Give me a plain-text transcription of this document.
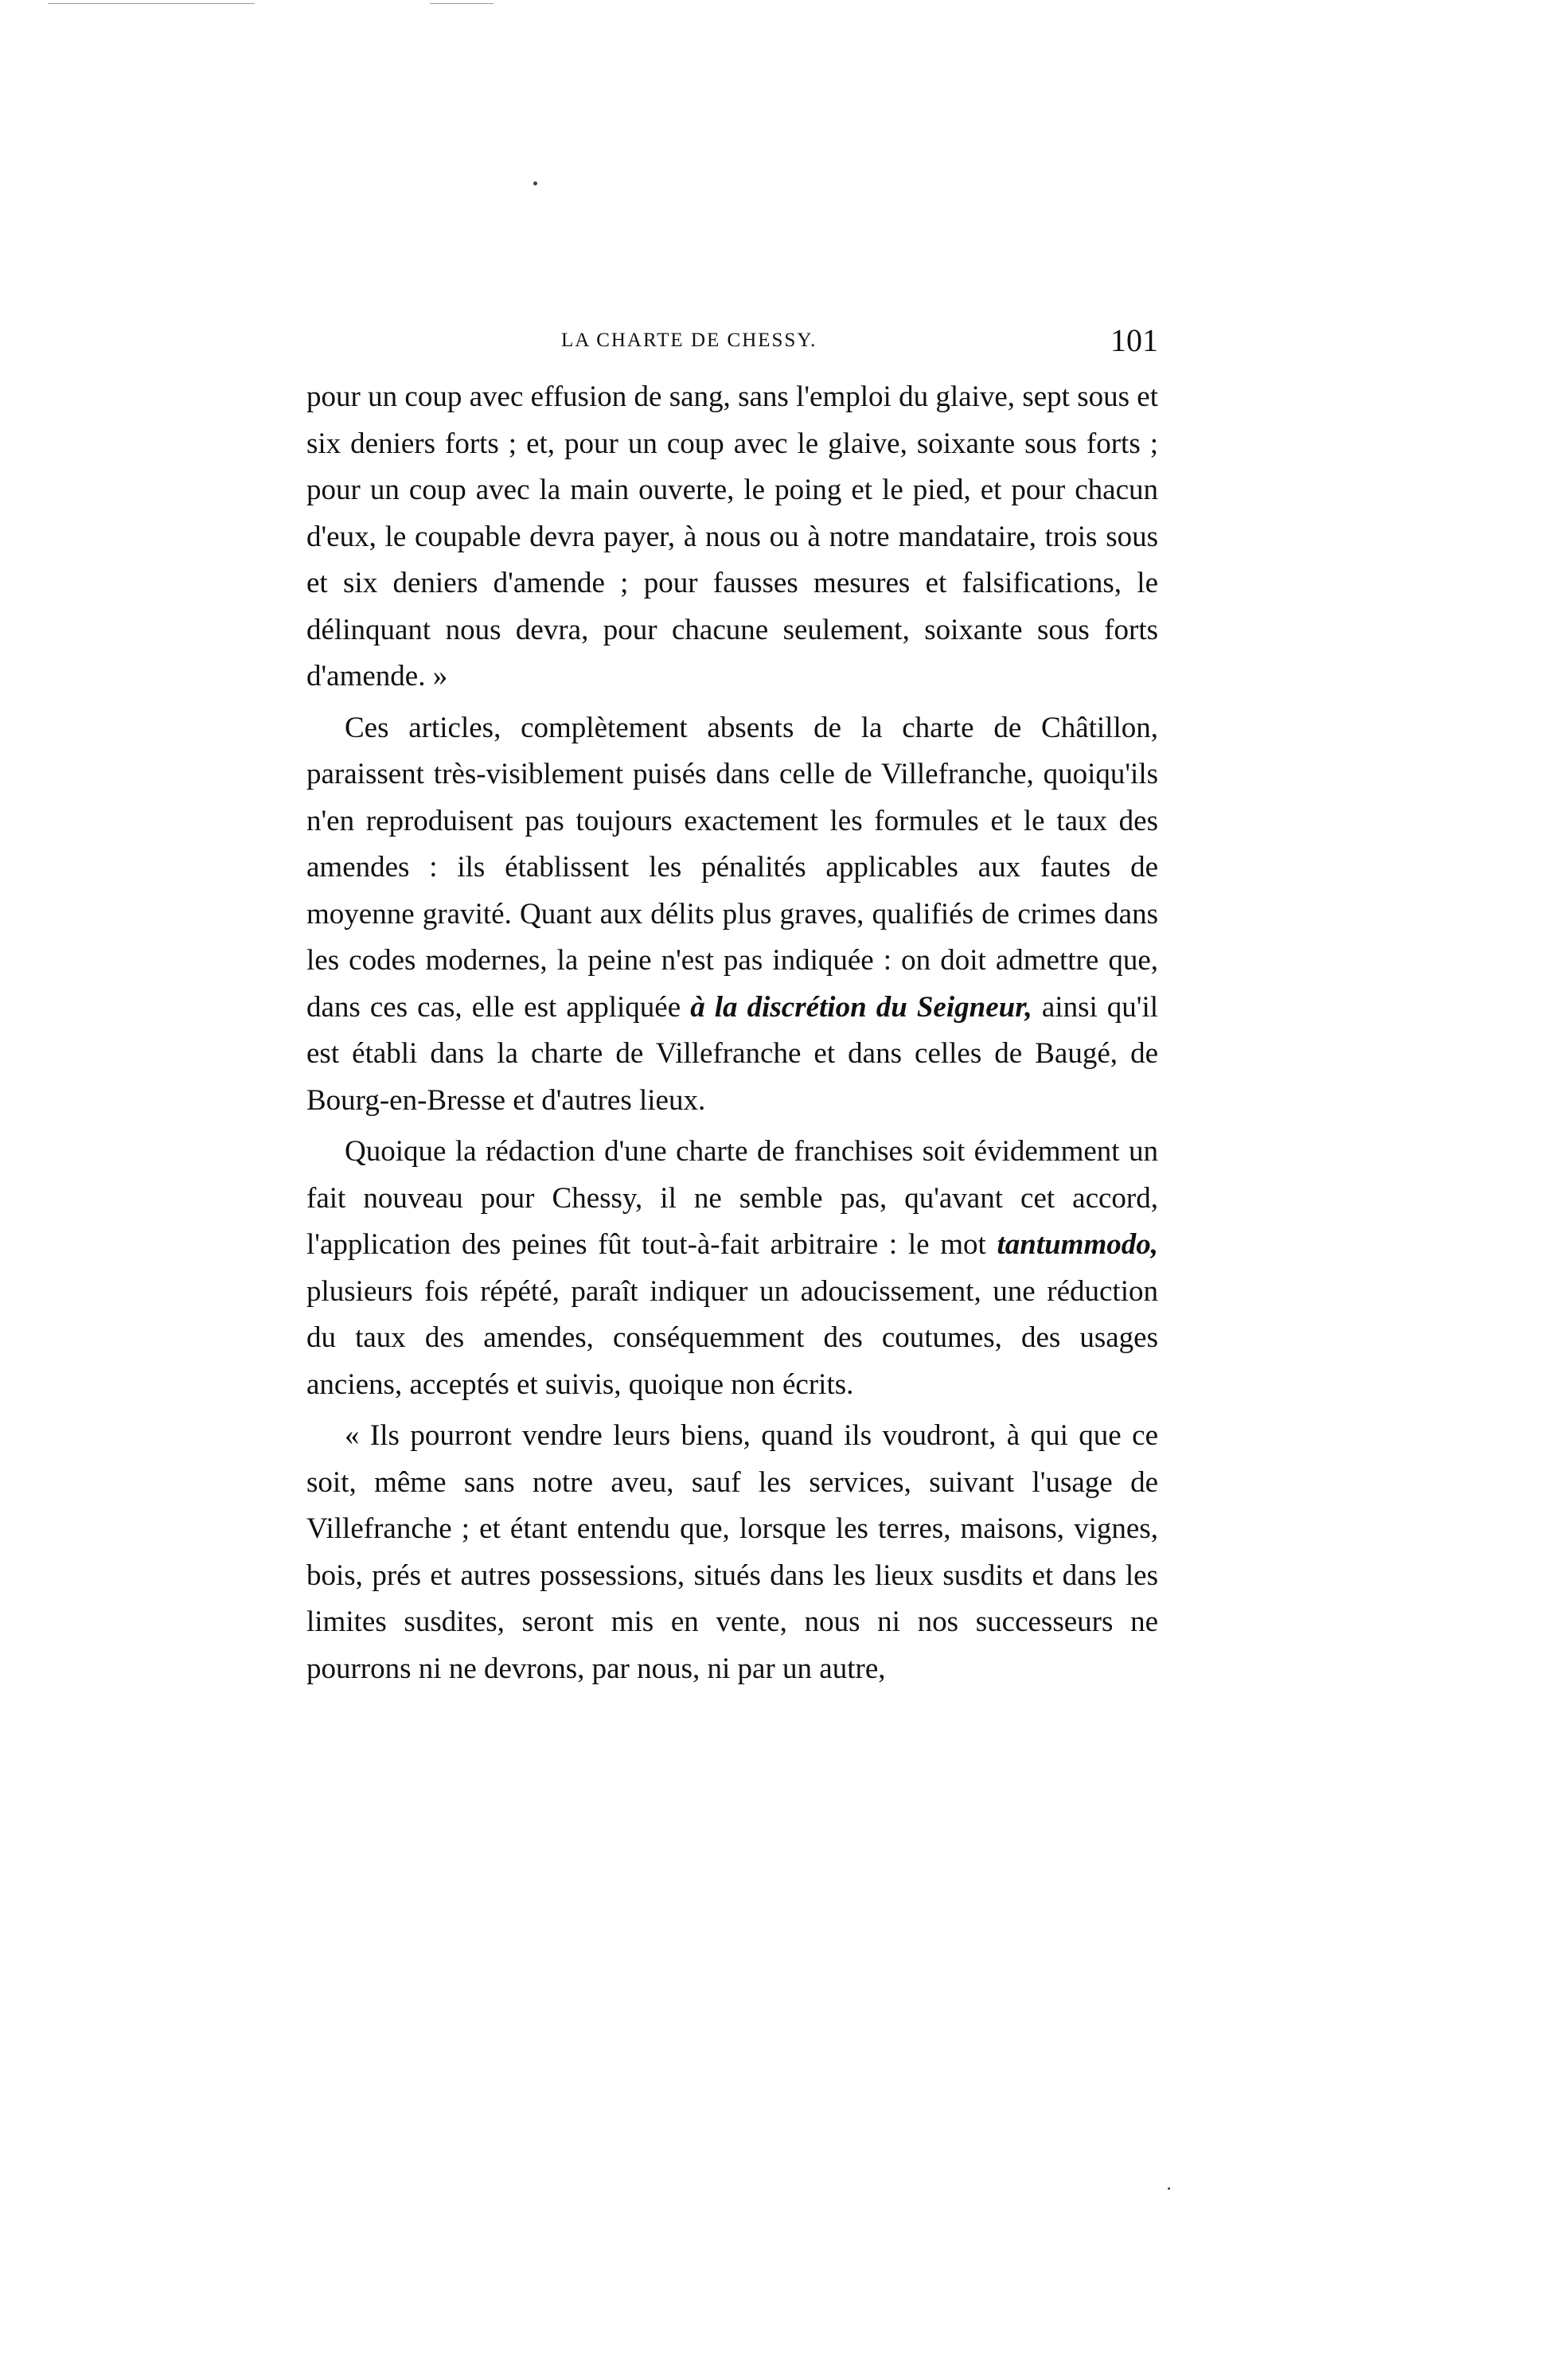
LA CHARTE DE CHESSY.	101

pour un coup avec effusion de sang, sans l'emploi du glaive, sept sous et six deniers forts ; et, pour un coup avec le glaive, soixante sous forts ; pour un coup avec la main ouverte, le poing et le pied, et pour chacun d'eux, le coupable devra payer, à nous ou à notre mandataire, trois sous et six deniers d'amende ; pour fausses mesures et falsifications, le délinquant nous devra, pour chacune seulement, soixante sous forts d'amende. »

Ces articles, complètement absents de la charte de Châtillon, paraissent très-visiblement puisés dans celle de Villefranche, quoiqu'ils n'en reproduisent pas toujours exactement les formules et le taux des amendes : ils établissent les pénalités applicables aux fautes de moyenne gravité. Quant aux délits plus graves, qualifiés de crimes dans les codes modernes, la peine n'est pas indiquée : on doit admettre que, dans ces cas, elle est appliquée à la discrétion du Seigneur, ainsi qu'il est établi dans la charte de Villefranche et dans celles de Baugé, de Bourg-en-Bresse et d'autres lieux.

Quoique la rédaction d'une charte de franchises soit évidemment un fait nouveau pour Chessy, il ne semble pas, qu'avant cet accord, l'application des peines fût tout-à-fait arbitraire : le mot tantummodo, plusieurs fois répété, paraît indiquer un adoucissement, une réduction du taux des amendes, conséquemment des coutumes, des usages anciens, acceptés et suivis, quoique non écrits.

« Ils pourront vendre leurs biens, quand ils voudront, à qui que ce soit, même sans notre aveu, sauf les services, suivant l'usage de Villefranche ; et étant entendu que, lorsque les terres, maisons, vignes, bois, prés et autres possessions, situés dans les lieux susdits et dans les limites susdites, seront mis en vente, nous ni nos successeurs ne pourrons ni ne devrons, par nous, ni par un autre,
